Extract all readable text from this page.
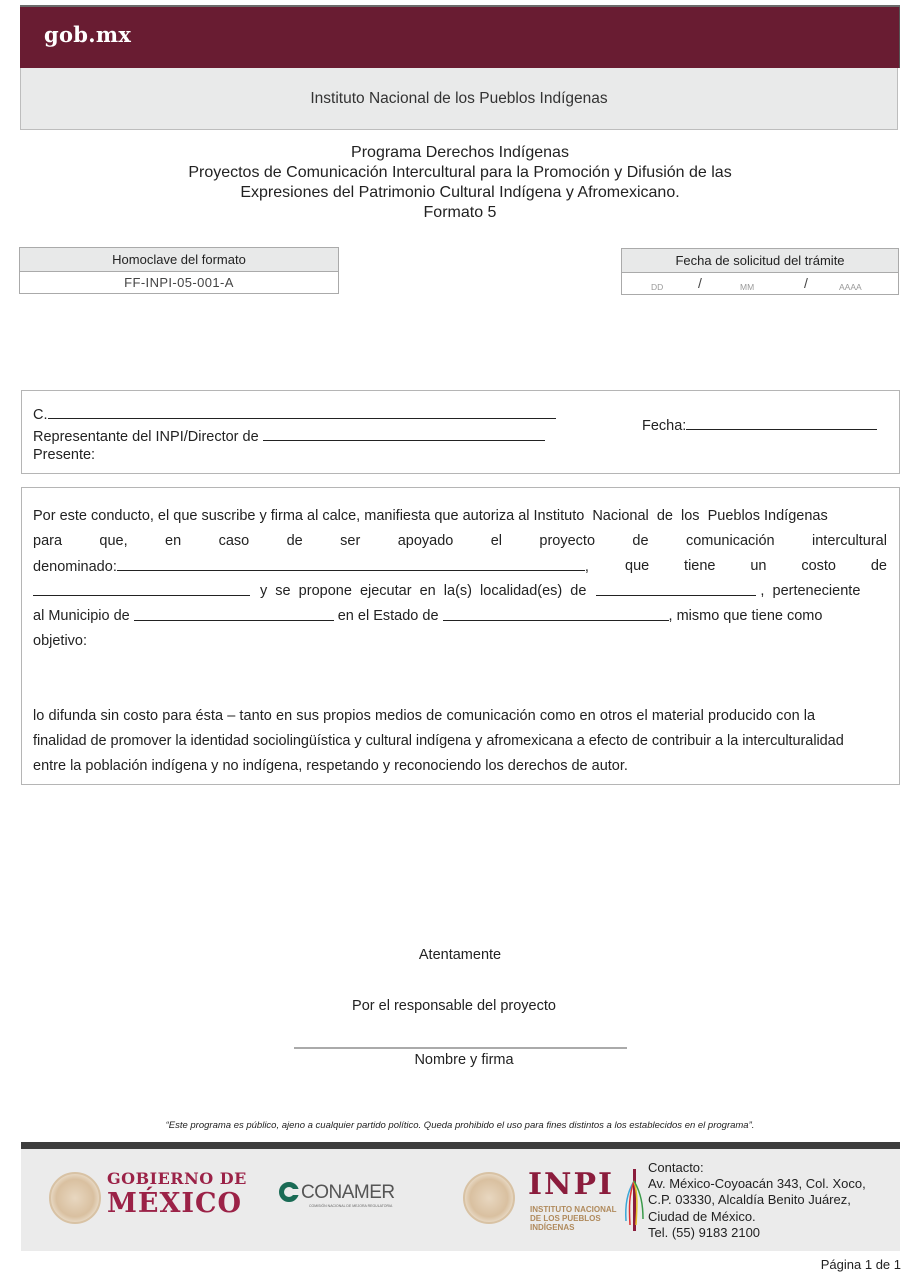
gob.mx
Instituto Nacional de los Pueblos Indígenas
Programa Derechos Indígenas
Proyectos de Comunicación Intercultural para la Promoción y Difusión de las
Expresiones del Patrimonio Cultural Indígena y Afromexicano.
Formato 5
Homoclave del formato
FF-INPI-05-001-A
Fecha de solicitud del trámite
DD /	MM	/	AAAA
C.
Representante del INPI/Director de
Presente:
Fecha:
Por este conducto, el que suscribe y firma al calce, manifiesta que autoriza al Instituto  Nacional  de  los  Pueblos Indígenas
para	que,	en	caso	de	ser	apoyado	el	proyecto	de	comunicación	intercultural
denominado:	, que tiene un costo de
y  se  propone  ejecutar  en  la(s)  localidad(es)  de	,  perteneciente
al Municipio de	en el Estado de	, mismo que tiene como
objetivo:
lo difunda sin costo para ésta – tanto en sus propios medios de comunicación como en otros el material producido con la
finalidad de promover la identidad sociolingüística y cultural indígena y afromexicana a efecto de contribuir a la interculturalidad
entre la población indígena y no indígena, respetando y reconociendo los derechos de autor.
Atentamente
Por el responsable del proyecto
Nombre y firma
“Este programa es público, ajeno a cualquier partido político. Queda prohibido el uso para fines distintos a los establecidos en el programa”.
GOBIERNO DE
MÉXICO	CONAMER
COMISIÓN NACIONAL DE MEJORA REGULATORIA
INPI
INSTITUTO NACIONAL
DE LOS PUEBLOS
INDÍGENAS
Contacto:
Av. México-Coyoacán 343, Col. Xoco,
C.P. 03330, Alcaldía Benito Juárez,
Ciudad de México.
Tel. (55) 9183 2100
Página 1 de 1
